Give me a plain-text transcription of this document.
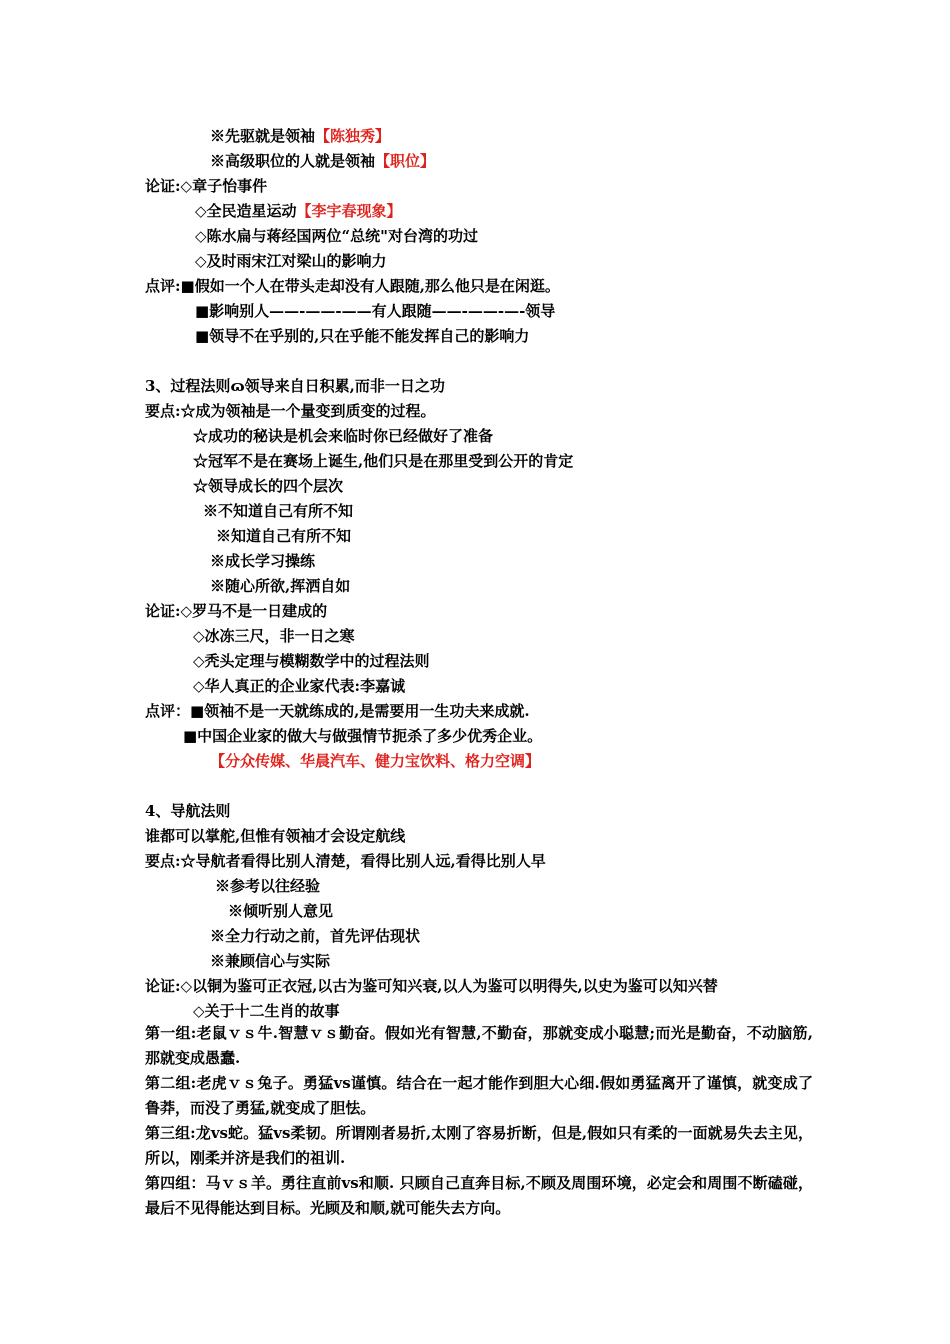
※先驱就是领袖【陈独秀】
※高级职位的人就是领袖【职位】
论证:◇章子怡事件
◇全民造星运动【李宇春现象】
◇陈水扁与蒋经国两位“总统"对台湾的功过
◇及时雨宋江对梁山的影响力
点评:■假如一个人在带头走却没有人跟随,那么他只是在闲逛。
■影响别人——-——-——有人跟随——-——-—-领导
■领导不在乎别的,只在乎能不能发挥自己的影响力
3、过程法则ɷ领导来自日积累,而非一日之功
要点:☆成为领袖是一个量变到质变的过程。
☆成功的秘诀是机会来临时你已经做好了准备
☆冠军不是在赛场上诞生,他们只是在那里受到公开的肯定
☆领导成长的四个层次
※不知道自己有所不知
※知道自己有所不知
※成长学习操练
※随心所欲,挥洒自如
论证:◇罗马不是一日建成的
◇冰冻三尺，非一日之寒
◇秃头定理与模糊数学中的过程法则
◇华人真正的企业家代表:李嘉诚
点评：■领袖不是一天就练成的,是需要用一生功夫来成就.
■中国企业家的做大与做强情节扼杀了多少优秀企业。
【分众传媒、华晨汽车、健力宝饮料、格力空调】
4、导航法则
谁都可以掌舵,但惟有领袖才会设定航线
要点:☆导航者看得比别人清楚，看得比别人远,看得比别人早
※参考以往经验
※倾听别人意见
※全力行动之前，首先评估现状
※兼顾信心与实际
论证:◇以铜为鉴可正衣冠,以古为鉴可知兴衰,以人为鉴可以明得失,以史为鉴可以知兴替
◇关于十二生肖的故事
第一组:老鼠ｖｓ牛.智慧ｖｓ勤奋。假如光有智慧,不勤奋，那就变成小聪慧;而光是勤奋，不动脑筋,那就变成愚蠢.
第二组:老虎ｖｓ兔子。勇猛vs谨慎。结合在一起才能作到胆大心细.假如勇猛离开了谨慎，就变成了鲁莽，而没了勇猛,就变成了胆怯。
第三组:龙vs蛇。猛vs柔韧。所谓刚者易折,太刚了容易折断，但是,假如只有柔的一面就易失去主见，所以，刚柔并济是我们的祖训.
第四组：马ｖｓ羊。勇往直前vs和顺. 只顾自己直奔目标,不顾及周围环境，必定会和周围不断磕碰，最后不见得能达到目标。光顾及和顺,就可能失去方向。
